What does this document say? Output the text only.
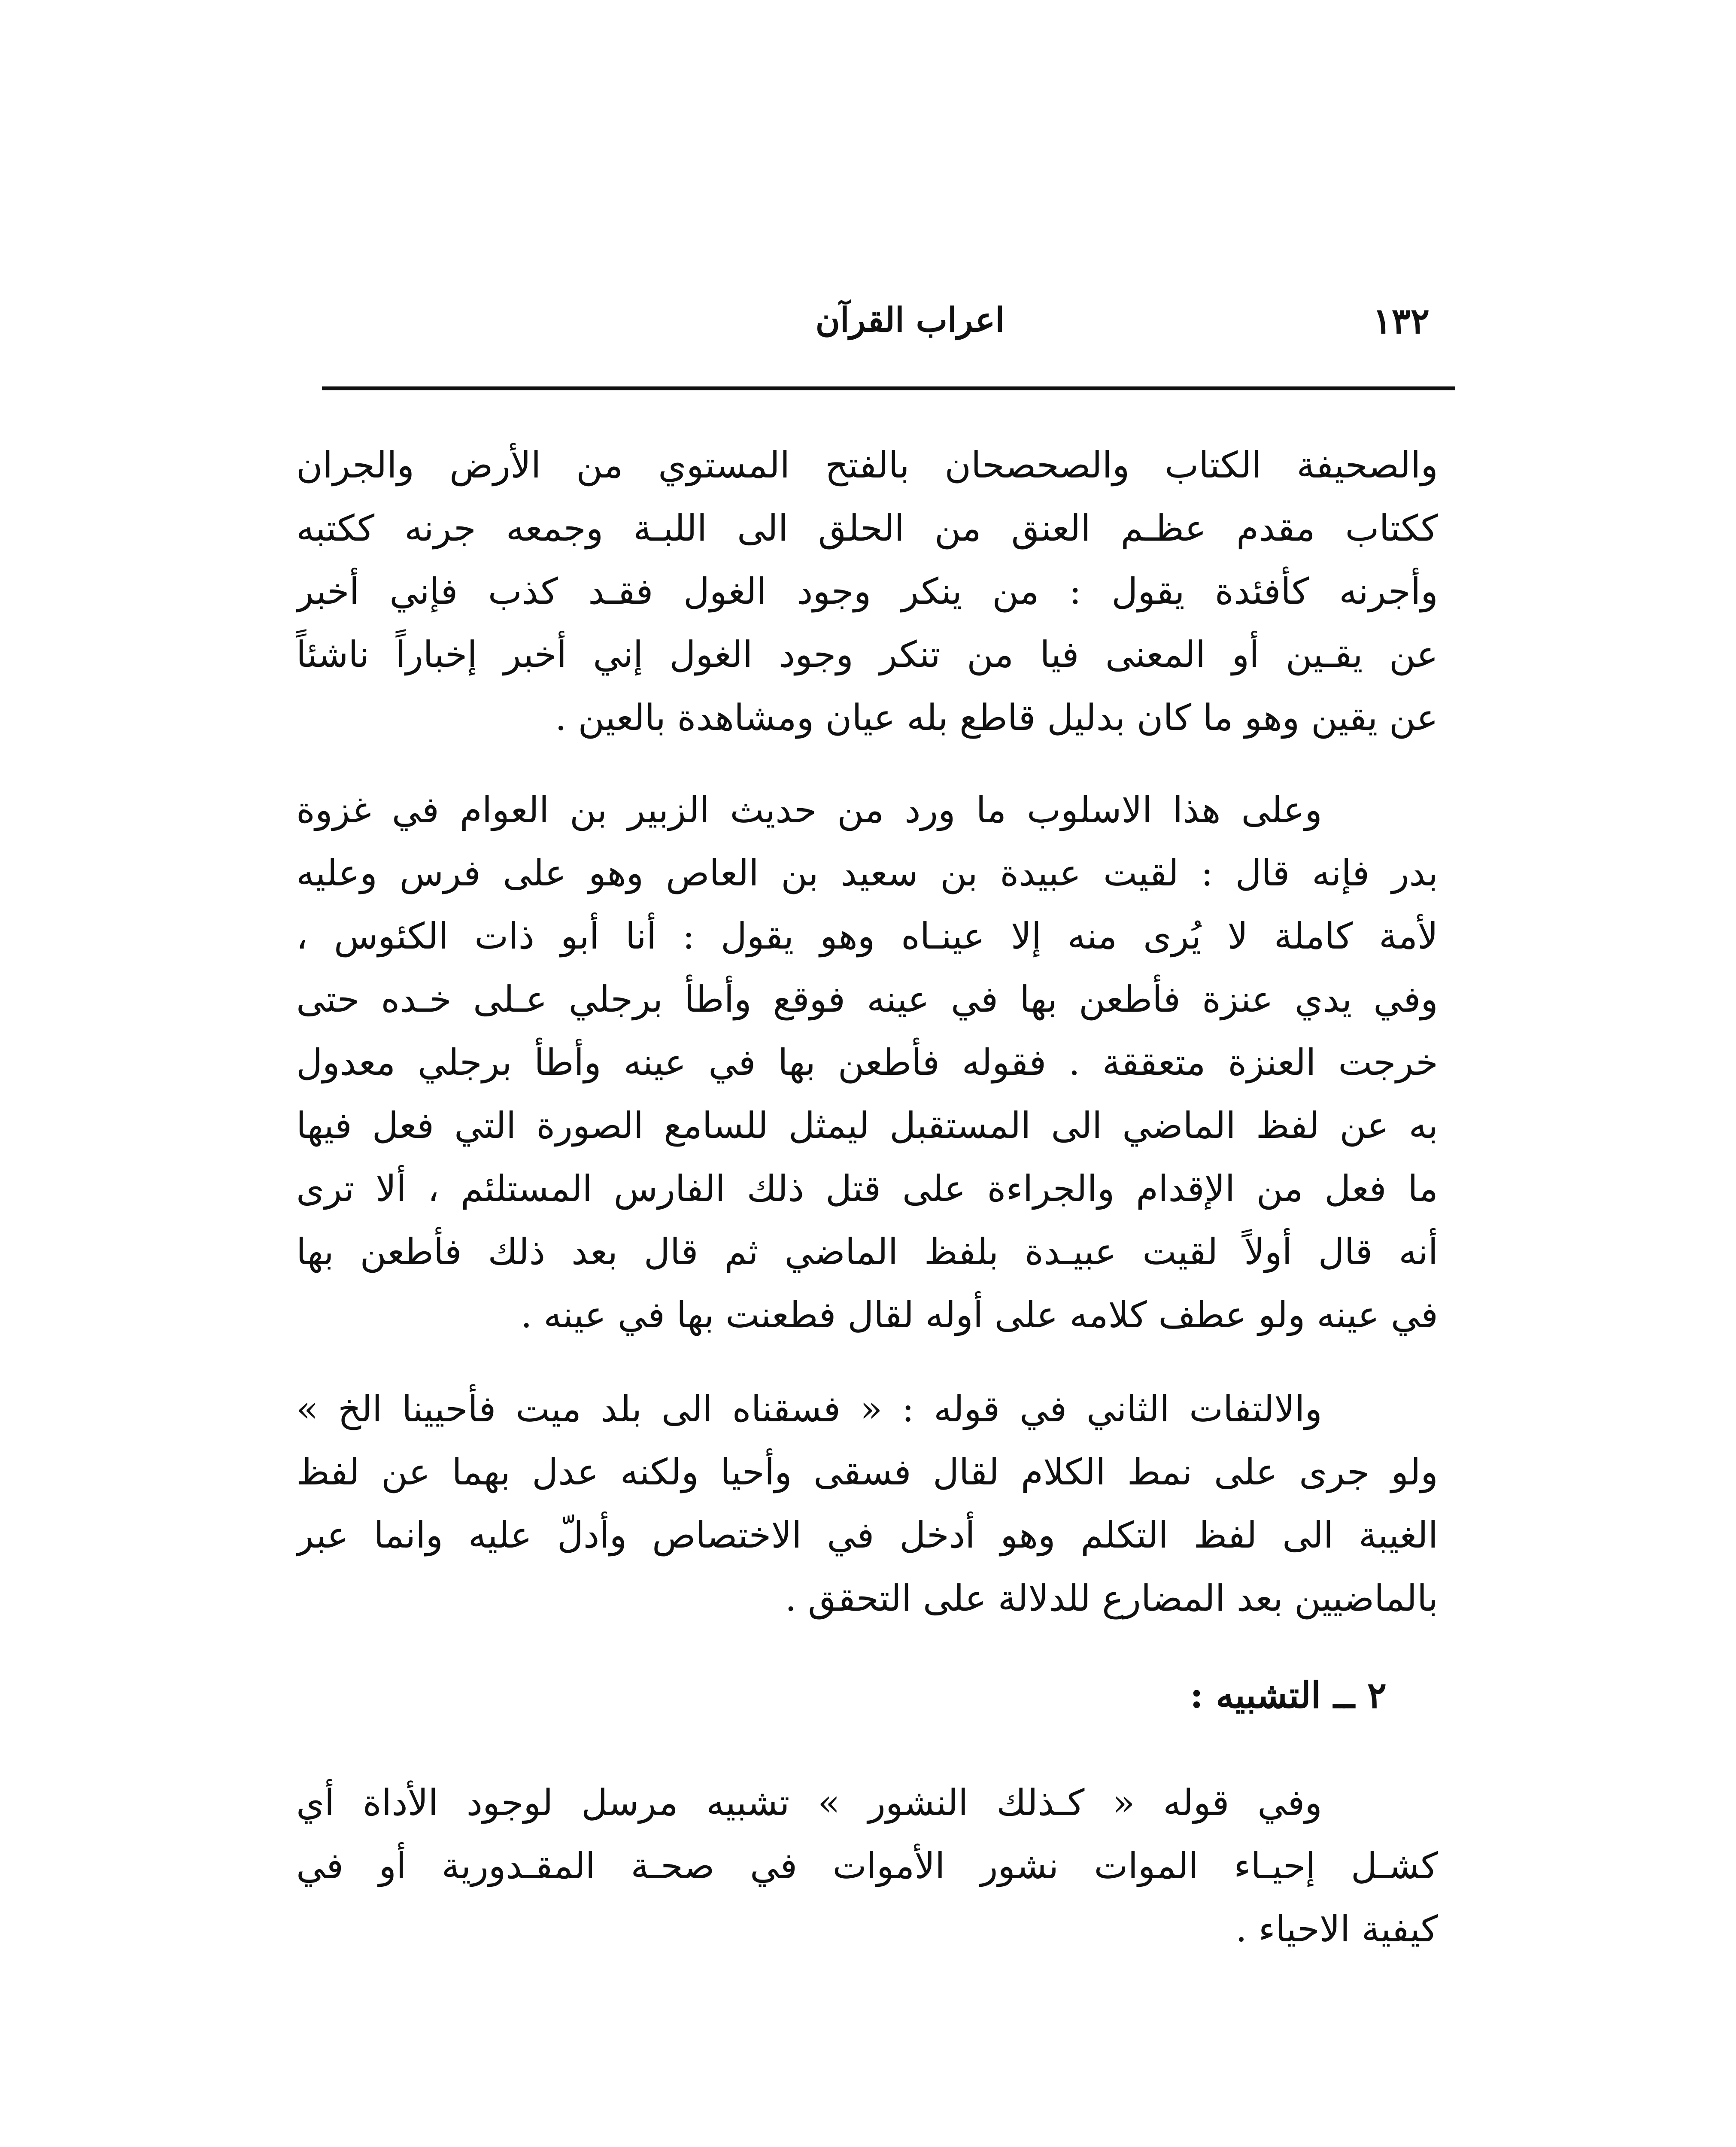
١٣٢
اعراب القرآن

والصحيفة الكتاب والصحصحان بالفتح المستوي من الأرض والجران
ككتاب مقدم عظـم العنق من الحلق الى اللبـة وجمعه جرنه ككتبه
وأجرنه كأفئدة يقول : من ينكر وجود الغول فقـد كذب فإني أخبر
عن يقـين أو المعنى فيا من تنكر وجود الغول إني أخبر إخباراً ناشئاً
عن يقين وهو ما كان بدليل قاطع بله عيان ومشاهدة بالعين .

وعلى هذا الاسلوب ما ورد من حديث الزبير بن العوام في غزوة
بدر فإنه قال : لقيت عبيدة بن سعيد بن العاص وهو على فرس وعليه
لأمة كاملة لا يُرى منه إلا عينـاه وهو يقول : أنا أبو ذات الكئوس ،
وفي يدي عنزة فأطعن بها في عينه فوقع وأطأ برجلي عـلى خـده حتى
خرجت العنزة متعققة . فقوله فأطعن بها في عينه وأطأ برجلي معدول
به عن لفظ الماضي الى المستقبل ليمثل للسامع الصورة التي فعل فيها
ما فعل من الإقدام والجراءة على قتل ذلك الفارس المستلئم ، ألا ترى
أنه قال أولاً لقيت عبيـدة بلفظ الماضي ثم قال بعد ذلك فأطعن بها
في عينه ولو عطف كلامه على أوله لقال فطعنت بها في عينه .

والالتفات الثاني في قوله : « فسقناه الى بلد ميت فأحيينا الخ »
ولو جرى على نمط الكلام لقال فسقى وأحيا ولكنه عدل بهما عن لفظ
الغيبة الى لفظ التكلم وهو أدخل في الاختصاص وأدلّ عليه وانما عبر
بالماضيين بعد المضارع للدلالة على التحقق .

٢ ــ التشبيه :

وفي قوله « كـذلك النشور » تشبيه مرسل لوجود الأداة أي
كشـل إحيـاء الموات نشور الأموات في صحـة المقـدورية أو في
كيفية الاحياء .
